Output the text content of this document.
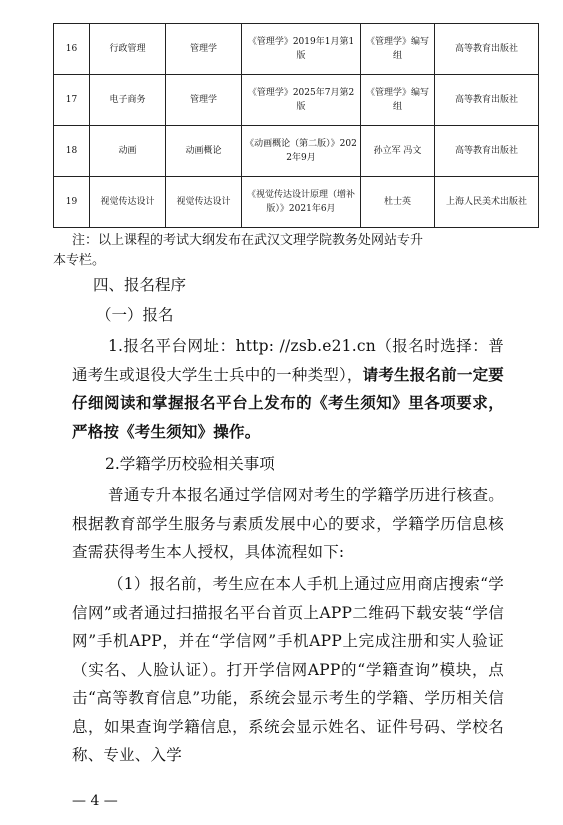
16	行政管理	管理学	《管理学》2019年1月第1版	《管理学》编写组	高等教育出版社
17	电子商务	管理学	《管理学》2025年7月第2版	《管理学》编写组	高等教育出版社
18	动画	动画概论	《动画概论（第二版）》2022年9月	孙立军 冯文	高等教育出版社
19	视觉传达设计	视觉传达设计	《视觉传达设计原理（增补版）》2021年6月	杜士英	上海人民美术出版社
注：以上课程的考试大纲发布在武汉文理学院教务处网站专升
本专栏。
四、报名程序
（一）报名
1.报名平台网址：http: //zsb.e21.cn（报名时选择：普通考生或退役大学生士兵中的一种类型），请考生报名前一定要仔细阅读和掌握报名平台上发布的《考生须知》里各项要求，严格按《考生须知》操作。
2.学籍学历校验相关事项
普通专升本报名通过学信网对考生的学籍学历进行核查。根据教育部学生服务与素质发展中心的要求，学籍学历信息核查需获得考生本人授权，具体流程如下:
（1）报名前，考生应在本人手机上通过应用商店搜索“学信网”或者通过扫描报名平台首页上APP二维码下载安装“学信网”手机APP，并在“学信网”手机APP上完成注册和实人验证（实名、人脸认证）。打开学信网APP的“学籍查询”模块，点击“高等教育信息”功能，系统会显示考生的学籍、学历相关信息，如果查询学籍信息，系统会显示姓名、证件号码、学校名称、专业、入学
— 4 —
